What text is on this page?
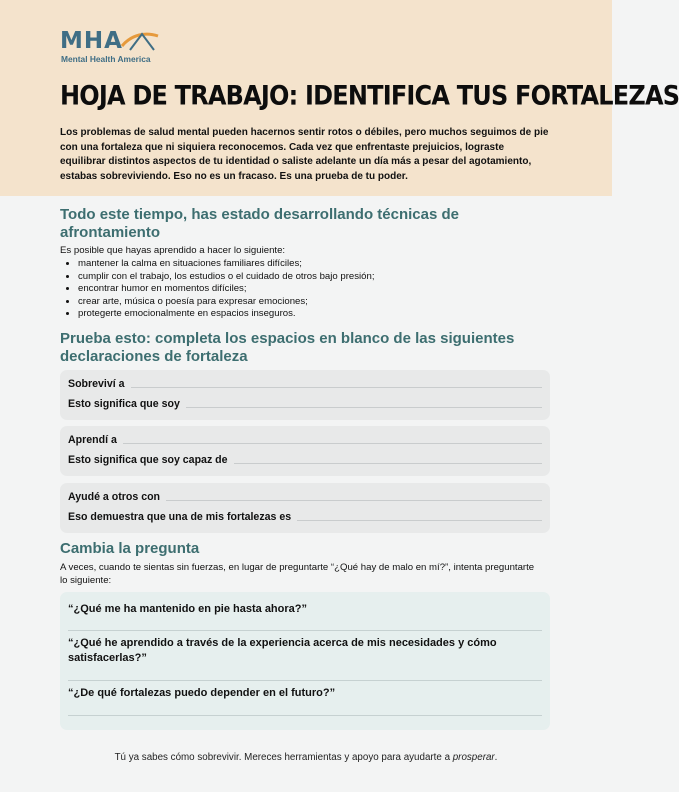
MHA
Mental Health America
HOJA DE TRABAJO: IDENTIFICA TUS FORTALEZAS
Los problemas de salud mental pueden hacernos sentir rotos o débiles, pero muchos seguimos de pie con una fortaleza que ni siquiera reconocemos. Cada vez que enfrentaste prejuicios, lograste equilibrar distintos aspectos de tu identidad o saliste adelante un día más a pesar del agotamiento, estabas sobreviviendo. Eso no es un fracaso. Es una prueba de tu poder.
Todo este tiempo, has estado desarrollando técnicas de afrontamiento
Es posible que hayas aprendido a hacer lo siguiente:
• mantener la calma en situaciones familiares difíciles;
• cumplir con el trabajo, los estudios o el cuidado de otros bajo presión;
• encontrar humor en momentos difíciles;
• crear arte, música o poesía para expresar emociones;
• protegerte emocionalmente en espacios inseguros.
Prueba esto: completa los espacios en blanco de las siguientes declaraciones de fortaleza
Sobreviví a
Esto significa que soy
Aprendí a
Esto significa que soy capaz de
Ayudé a otros con
Eso demuestra que una de mis fortalezas es
Cambia la pregunta
A veces, cuando te sientas sin fuerzas, en lugar de preguntarte “¿Qué hay de malo en mí?”, intenta preguntarte lo siguiente:
“¿Qué me ha mantenido en pie hasta ahora?”
“¿Qué he aprendido a través de la experiencia acerca de mis necesidades y cómo satisfacerlas?”
“¿De qué fortalezas puedo depender en el futuro?”
Tú ya sabes cómo sobrevivir. Mereces herramientas y apoyo para ayudarte a prosperar.
